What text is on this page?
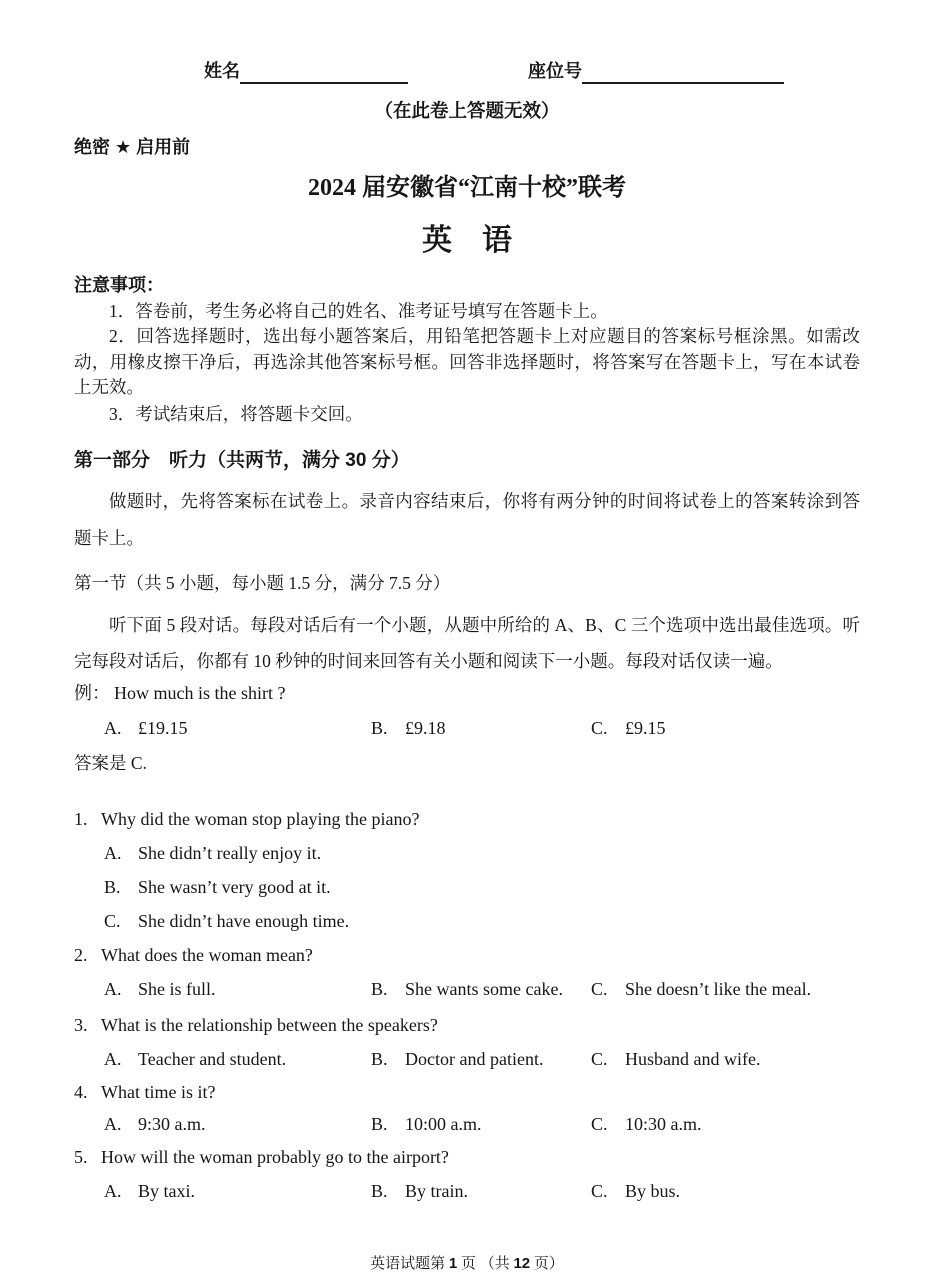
姓名	座位号
（在此卷上答题无效）
绝密 ★ 启用前
2024 届安徽省“江南十校”联考
英　语
注意事项：

1．答卷前，考生务必将自己的姓名、准考证号填写在答题卡上。

2．回答选择题时，选出每小题答案后，用铅笔把答题卡上对应题目的答案标号框涂黑。如需改动，用橡皮擦干净后，再选涂其他答案标号框。回答非选择题时，将答案写在答题卡上，写在本试卷上无效。

3．考试结束后，将答题卡交回。

第一部分　听力（共两节，满分 30 分）

做题时，先将答案标在试卷上。录音内容结束后，你将有两分钟的时间将试卷上的答案转涂到答题卡上。

第一节（共 5 小题，每小题 1.5 分，满分 7.5 分）

听下面 5 段对话。每段对话后有一个小题，从题中所给的 A、B、C 三个选项中选出最佳选项。听完每段对话后，你都有 10 秒钟的时间来回答有关小题和阅读下一小题。每段对话仅读一遍。

例： How much is the shirt ?
A. £19.15	B. £9.18	C. £9.15
答案是 C.
1. Why did the woman stop playing the piano?
A. She didn’t really enjoy it.
B. She wasn’t very good at it.
C. She didn’t have enough time.
2. What does the woman mean?
A. She is full.	B. She wants some cake.	C. She doesn’t like the meal.
3. What is the relationship between the speakers?
A. Teacher and student.	B. Doctor and patient.	C. Husband and wife.
4. What time is it?
A. 9:30 a.m.	B. 10:00 a.m.	C. 10:30 a.m.
5. How will the woman probably go to the airport?
A. By taxi.	B. By train.	C. By bus.
英语试题第 1 页 （共 12 页）
